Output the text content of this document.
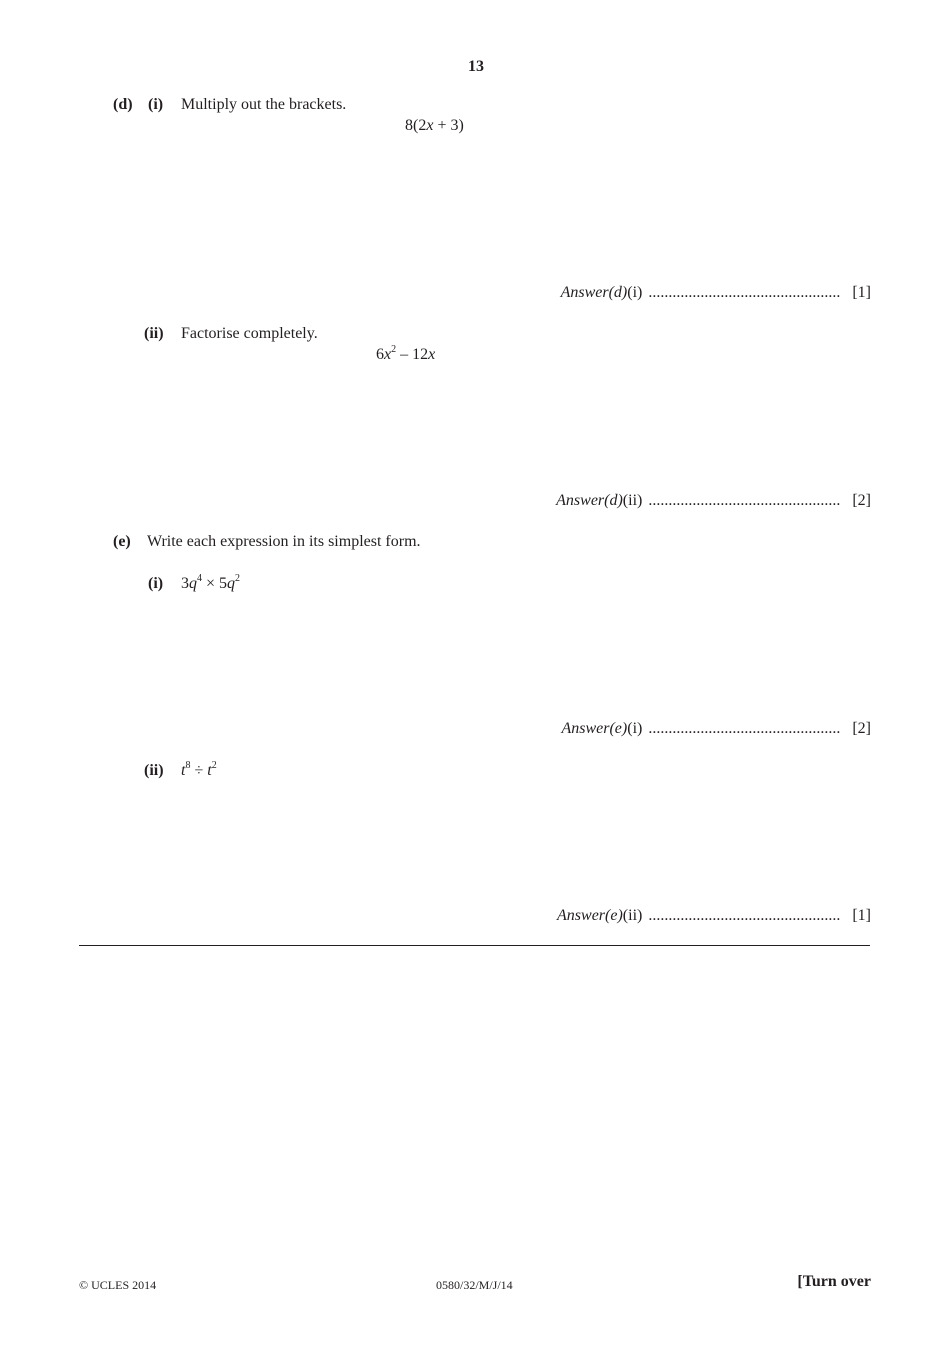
13
(d) (i) Multiply out the brackets.
8(2x + 3)
Answer(d)(i) ................................................ [1]
(ii) Factorise completely.
$6x^2 - 12x$
Answer(d)(ii) ................................................ [2]
(e) Write each expression in its simplest form.
(i) $3q^4 \times 5q^2$
Answer(e)(i) ................................................ [2]
(ii) $t^8 \div t^2$
Answer(e)(ii) ................................................ [1]
© UCLES 2014	0580/32/M/J/14	[Turn over
